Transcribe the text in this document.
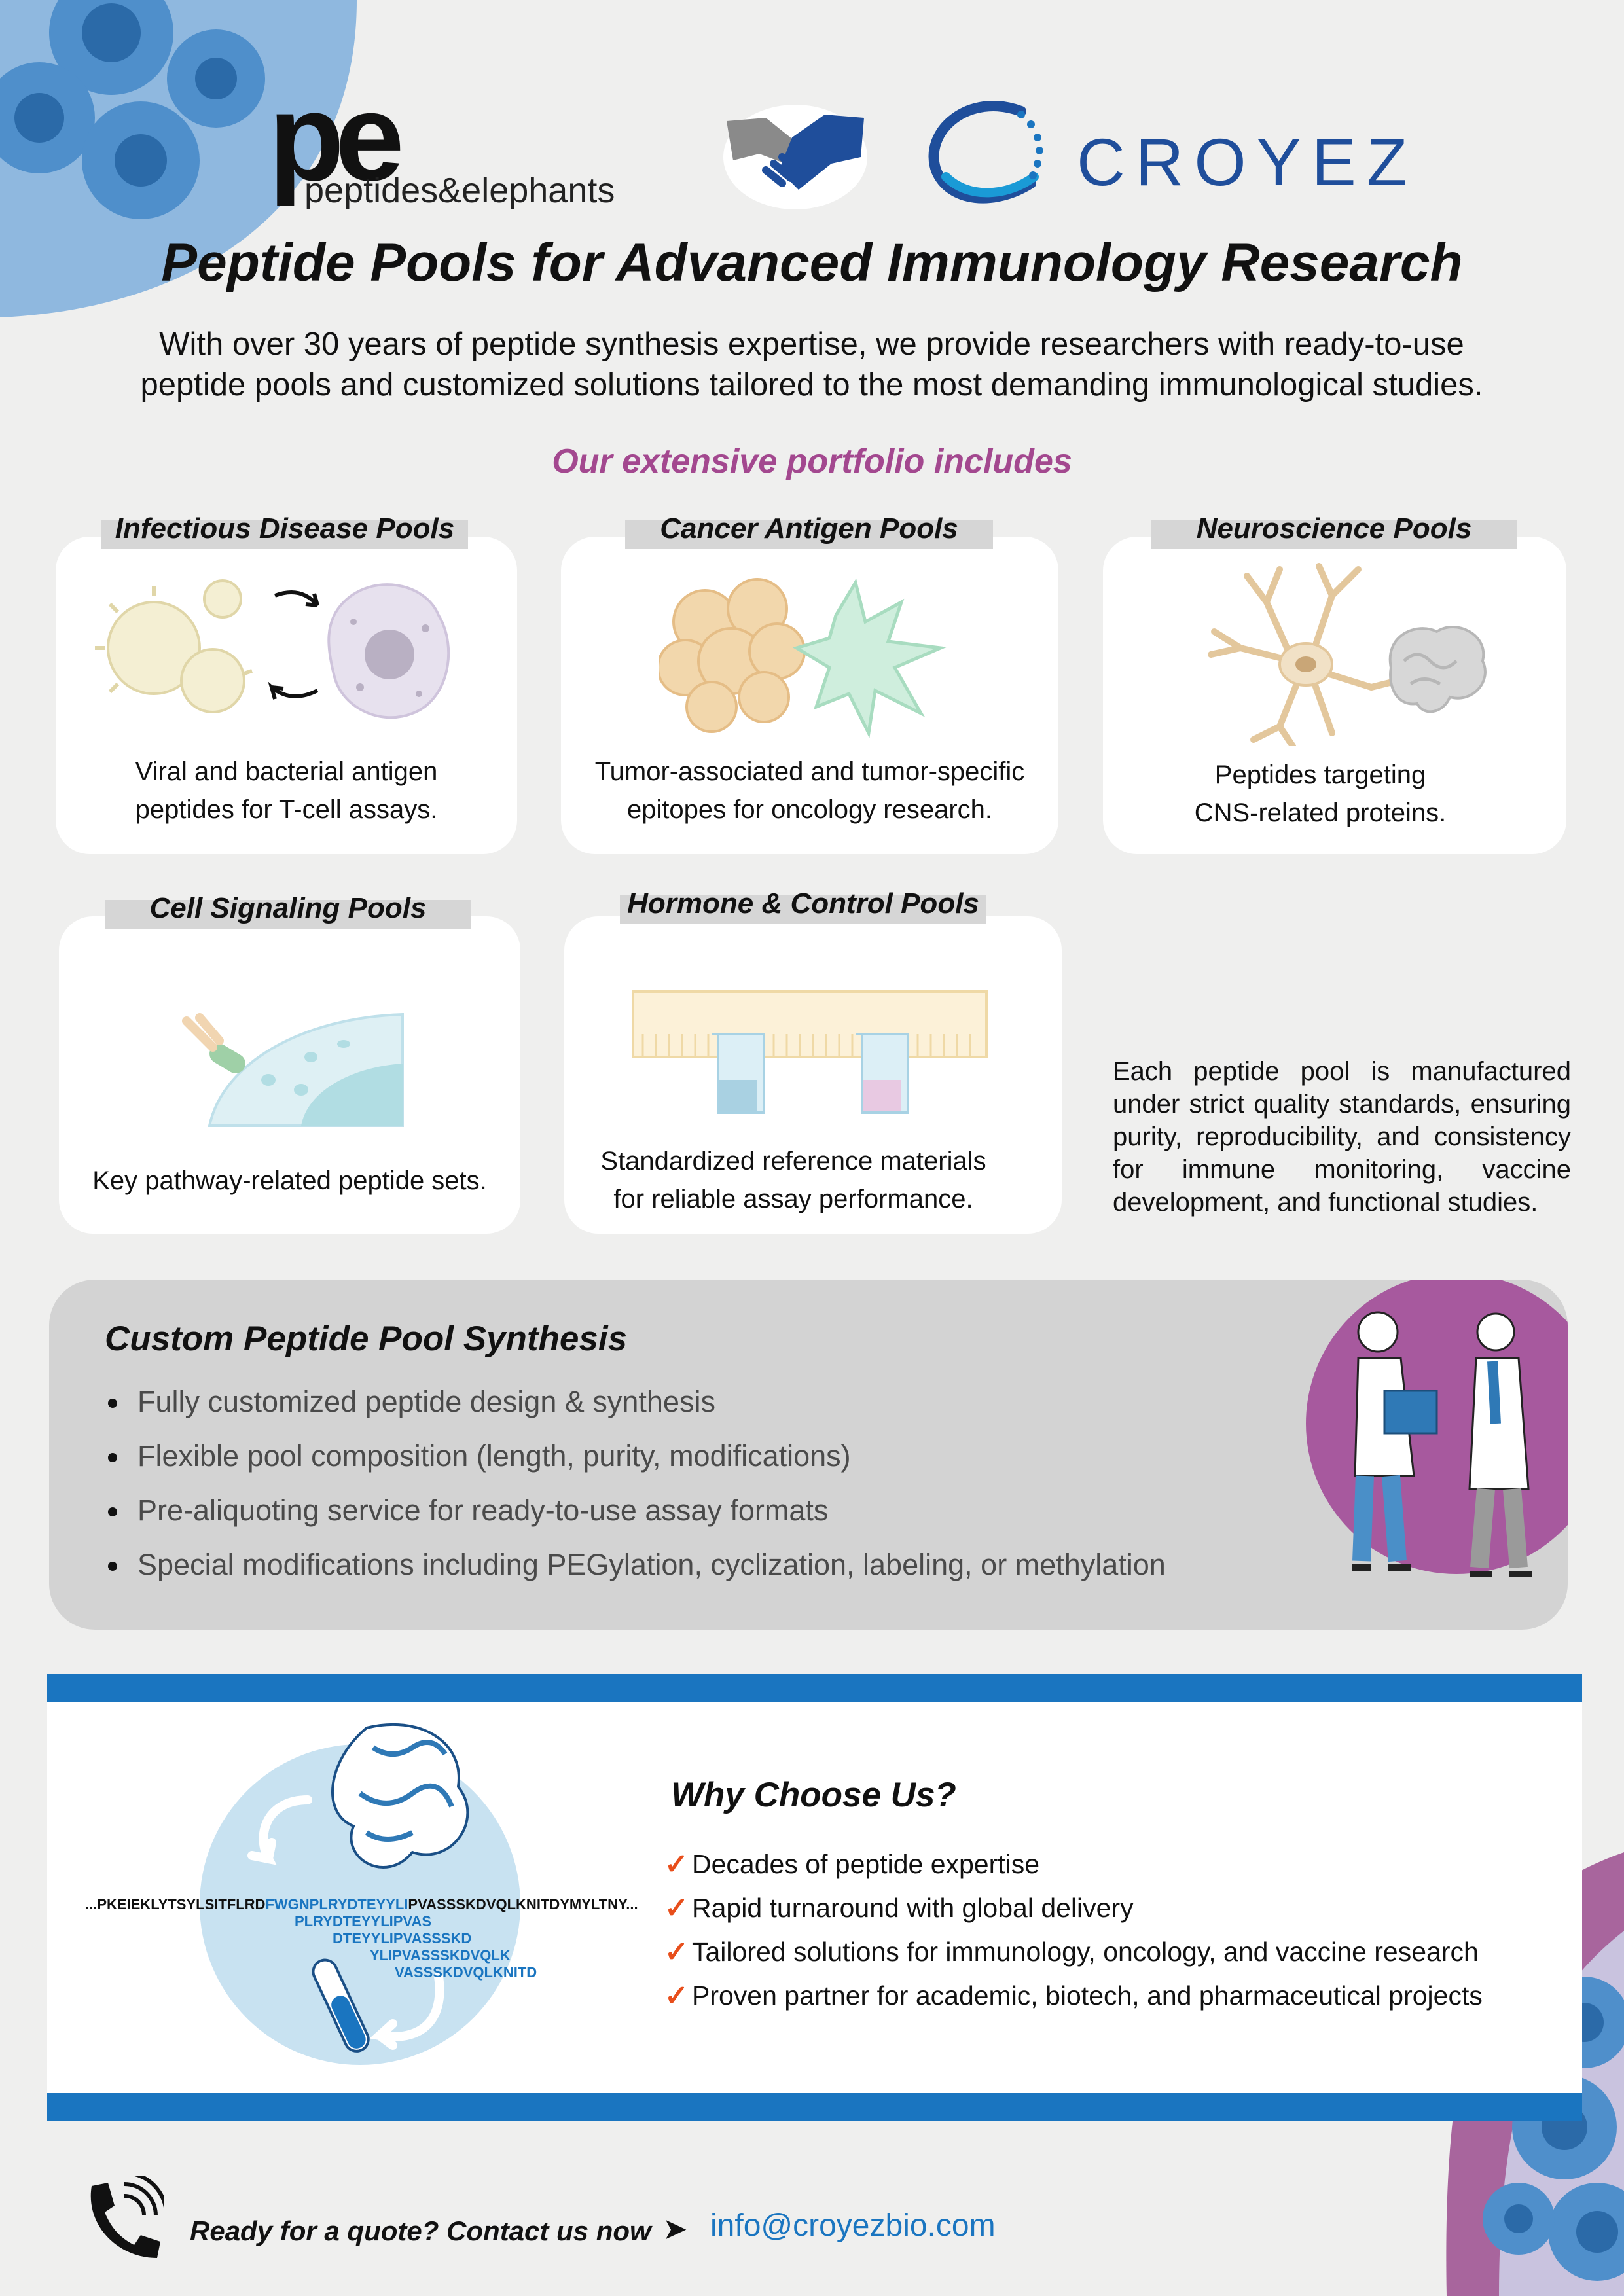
pe
peptides&elephants	CROYEZ
Peptide Pools for Advanced Immunology Research
With over 30 years of peptide synthesis expertise, we provide researchers with ready-to-use peptide pools and customized solutions tailored to the most demanding immunological studies.
Our extensive portfolio includes
Viral and bacterial antigen
peptides for T-cell assays.
Infectious Disease Pools
Tumor-associated and tumor-specific
epitopes for oncology research.
Cancer Antigen Pools
Peptides targeting
CNS-related proteins.
Neuroscience Pools
Key pathway-related peptide sets.
Cell Signaling Pools
Standardized reference materials
for reliable assay performance.
Hormone & Control Pools
Each peptide pool is manufactured under strict quality standards, ensuring purity, reproducibility, and consistency for immune monitoring, vaccine development, and functional studies.
Custom Peptide Pool Synthesis
Fully customized peptide design & synthesis
Flexible pool composition (length, purity, modifications)
Pre-aliquoting service for ready-to-use assay formats
Special modifications including PEGylation, cyclization, labeling, or methylation
...PKEIEKLYTSYLSITFLRDFWGNPLRYDTEYYLIPVASSSKDVQLKNITDYMYLTNY...
PLRYDTEYYLIPVAS
DTEYYLIPVASSSKD
YLIPVASSSKDVQLK
VASSSKDVQLKNITD
Why Choose Us?
✓ Decades of peptide expertise
✓ Rapid turnaround with global delivery
✓ Tailored solutions for immunology, oncology, and vaccine research
✓ Proven partner for academic, biotech, and pharmaceutical projects
Ready for a quote? Contact us now ➤ info@croyezbio.com
